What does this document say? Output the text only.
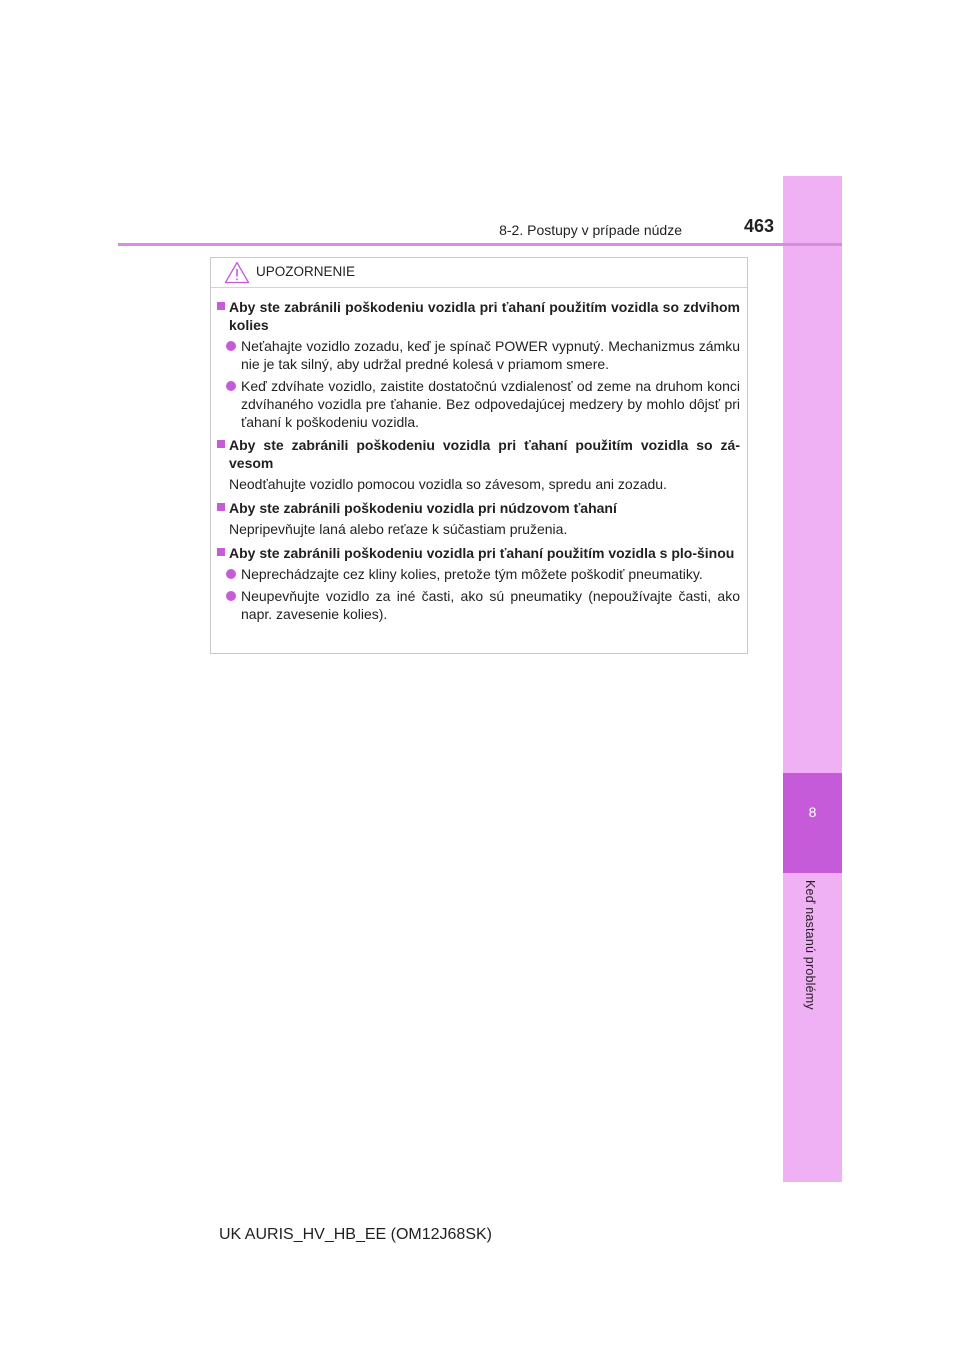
8
Keď nastanú problémy
8-2. Postupy v prípade núdze	463
UPOZORNENIE
Aby ste zabránili poškodeniu vozidla pri ťahaní použitím vozidla so zdvihom kolies
Neťahajte vozidlo zozadu, keď je spínač POWER vypnutý. Mechanizmus zámku nie je tak silný, aby udržal predné kolesá v priamom smere.
Keď zdvíhate vozidlo, zaistite dostatočnú vzdialenosť od zeme na druhom konci zdvíhaného vozidla pre ťahanie. Bez odpovedajúcej medzery by mohlo dôjsť pri ťahaní k poškodeniu vozidla.
Aby ste zabránili poškodeniu vozidla pri ťahaní použitím vozidla so zá-vesom
Neodťahujte vozidlo pomocou vozidla so závesom, spredu ani zozadu.
Aby ste zabránili poškodeniu vozidla pri núdzovom ťahaní
Nepripevňujte laná alebo reťaze k súčastiam pruženia.
Aby ste zabránili poškodeniu vozidla pri ťahaní použitím vozidla s plo-šinou
Neprechádzajte cez kliny kolies, pretože tým môžete poškodiť pneumatiky.
Neupevňujte vozidlo za iné časti, ako sú pneumatiky (nepoužívajte časti, ako napr. zavesenie kolies).
UK AURIS_HV_HB_EE (OM12J68SK)
